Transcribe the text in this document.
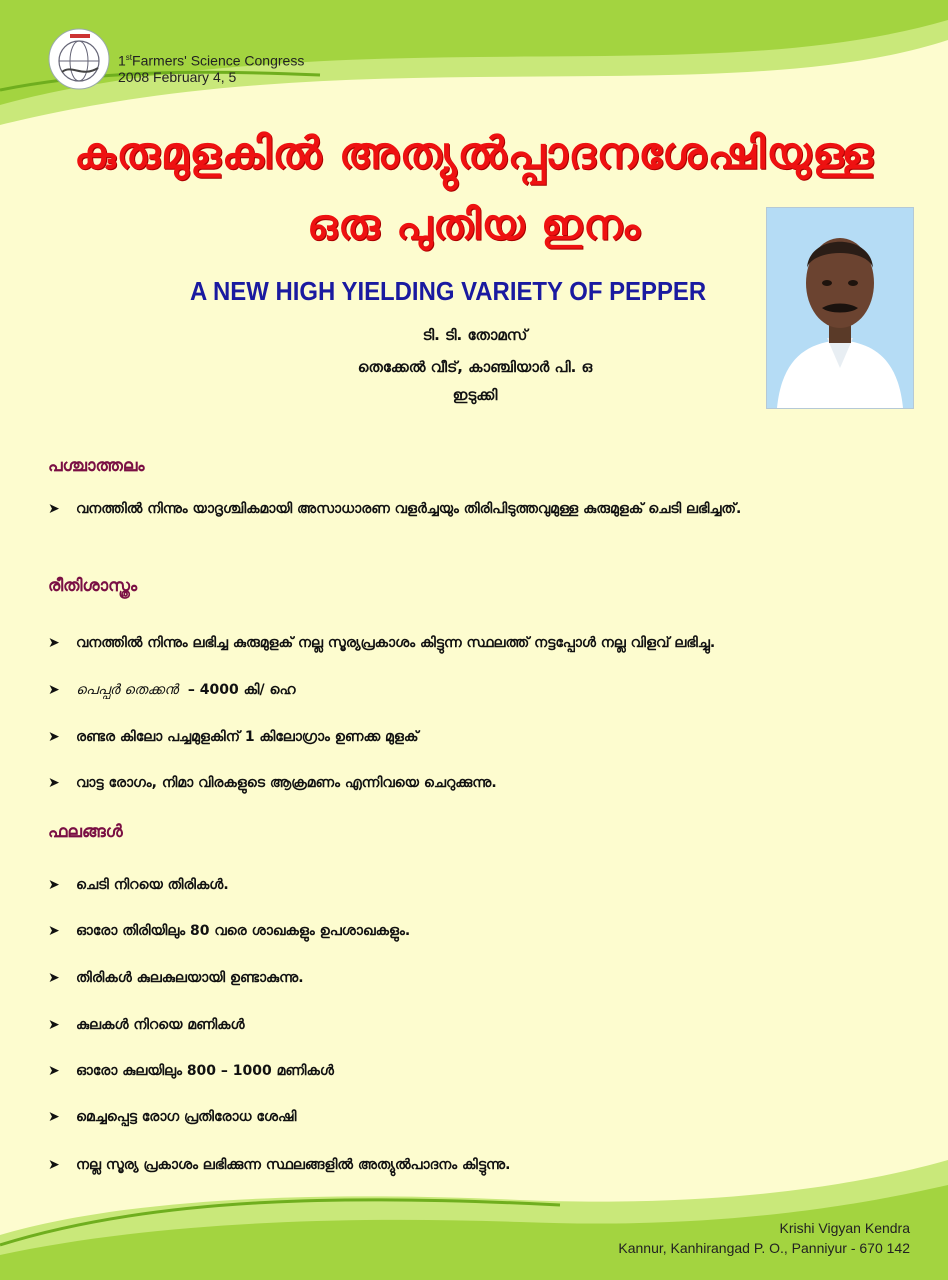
1stFarmers' Science Congress
2008 February 4, 5
കുരുമുളകിൽ അത്യുൽപ്പാദനശേഷിയുള്ള
ഒരു പുതിയ ഇനം
A NEW HIGH YIELDING VARIETY OF PEPPER
ടി. ടി. തോമസ്
തെക്കേൽ വീട്, കാഞ്ചിയാർ പി. ഒ
ഇടുക്കി
പശ്ചാത്തലം
➤	വനത്തിൽ നിന്നും യാദൃശ്ചികമായി അസാധാരണ വളർച്ചയും തിരിപിടുത്തവുമുള്ള കുരുമുളക് ചെടി ലഭിച്ചത്.
രീതിശാസ്ത്രം
➤	വനത്തിൽ നിന്നും ലഭിച്ച കുരുമുളക് നല്ല സൂര്യപ്രകാശം കിട്ടുന്ന സ്ഥലത്ത് നട്ടപ്പോൾ നല്ല വിളവ് ലഭിച്ചു.
➤	പെപ്പർ തെക്കൻ – 4000 കി/ ഹെ
➤	രണ്ടര കിലോ പച്ചമുളകിന് 1 കിലോഗ്രാം ഉണക്ക മുളക്
➤	വാട്ട രോഗം, നിമാ വിരകളുടെ ആക്രമണം എന്നിവയെ ചെറുക്കുന്നു.
ഫലങ്ങൾ
➤	ചെടി നിറയെ തിരികൾ.
➤	ഓരോ തിരിയിലും 80 വരെ ശാഖകളും ഉപശാഖകളും.
➤	തിരികൾ കുലകുലയായി ഉണ്ടാകുന്നു.
➤	കുലകൾ നിറയെ മണികൾ
➤	ഓരോ കുലയിലും 800 – 1000 മണികൾ
➤	മെച്ചപ്പെട്ട രോഗ പ്രതിരോധ ശേഷി
➤	നല്ല സൂര്യ പ്രകാശം ലഭിക്കുന്ന സ്ഥലങ്ങളിൽ അത്യുൽപാദനം കിട്ടുന്നു.
Krishi Vigyan Kendra
Kannur, Kanhirangad P. O., Panniyur - 670 142
